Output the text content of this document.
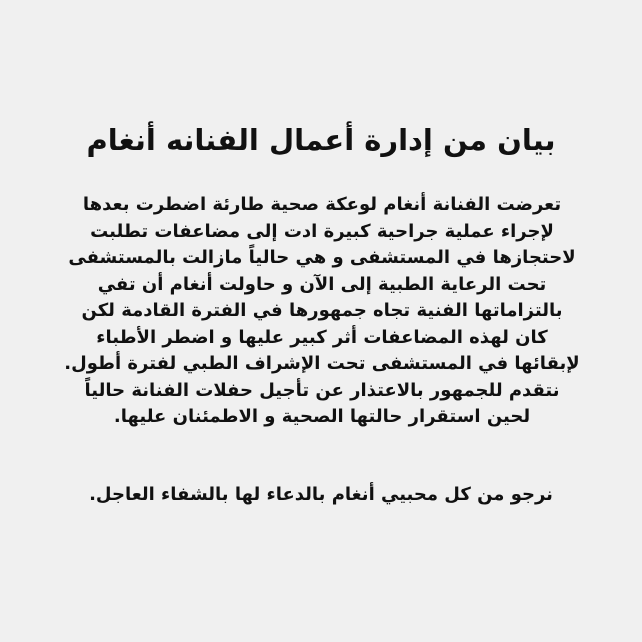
بيان من إدارة أعمال الفنانه أنغام
تعرضت الفنانة أنغام لوعكة صحية طارئة اضطرت بعدها
لإجراء عملية جراحية كبيرة ادت إلى مضاعفات تطلبت
لاحتجازها في المستشفى و هي حالياً مازالت بالمستشفى
تحت الرعاية الطبية إلى الآن و حاولت أنغام أن تفي
بالتزاماتها الفنية تجاه جمهورها في الفترة القادمة لكن
كان لهذه المضاعفات أثر كبير عليها و اضطر الأطباء
لإبقائها في المستشفى تحت الإشراف الطبي لفترة أطول.
نتقدم للجمهور بالاعتذار عن تأجيل حفلات الفنانة حالياً
لحين استقرار حالتها الصحية و الاطمئنان عليها.
نرجو من كل محبيي أنغام بالدعاء لها بالشفاء العاجل.
